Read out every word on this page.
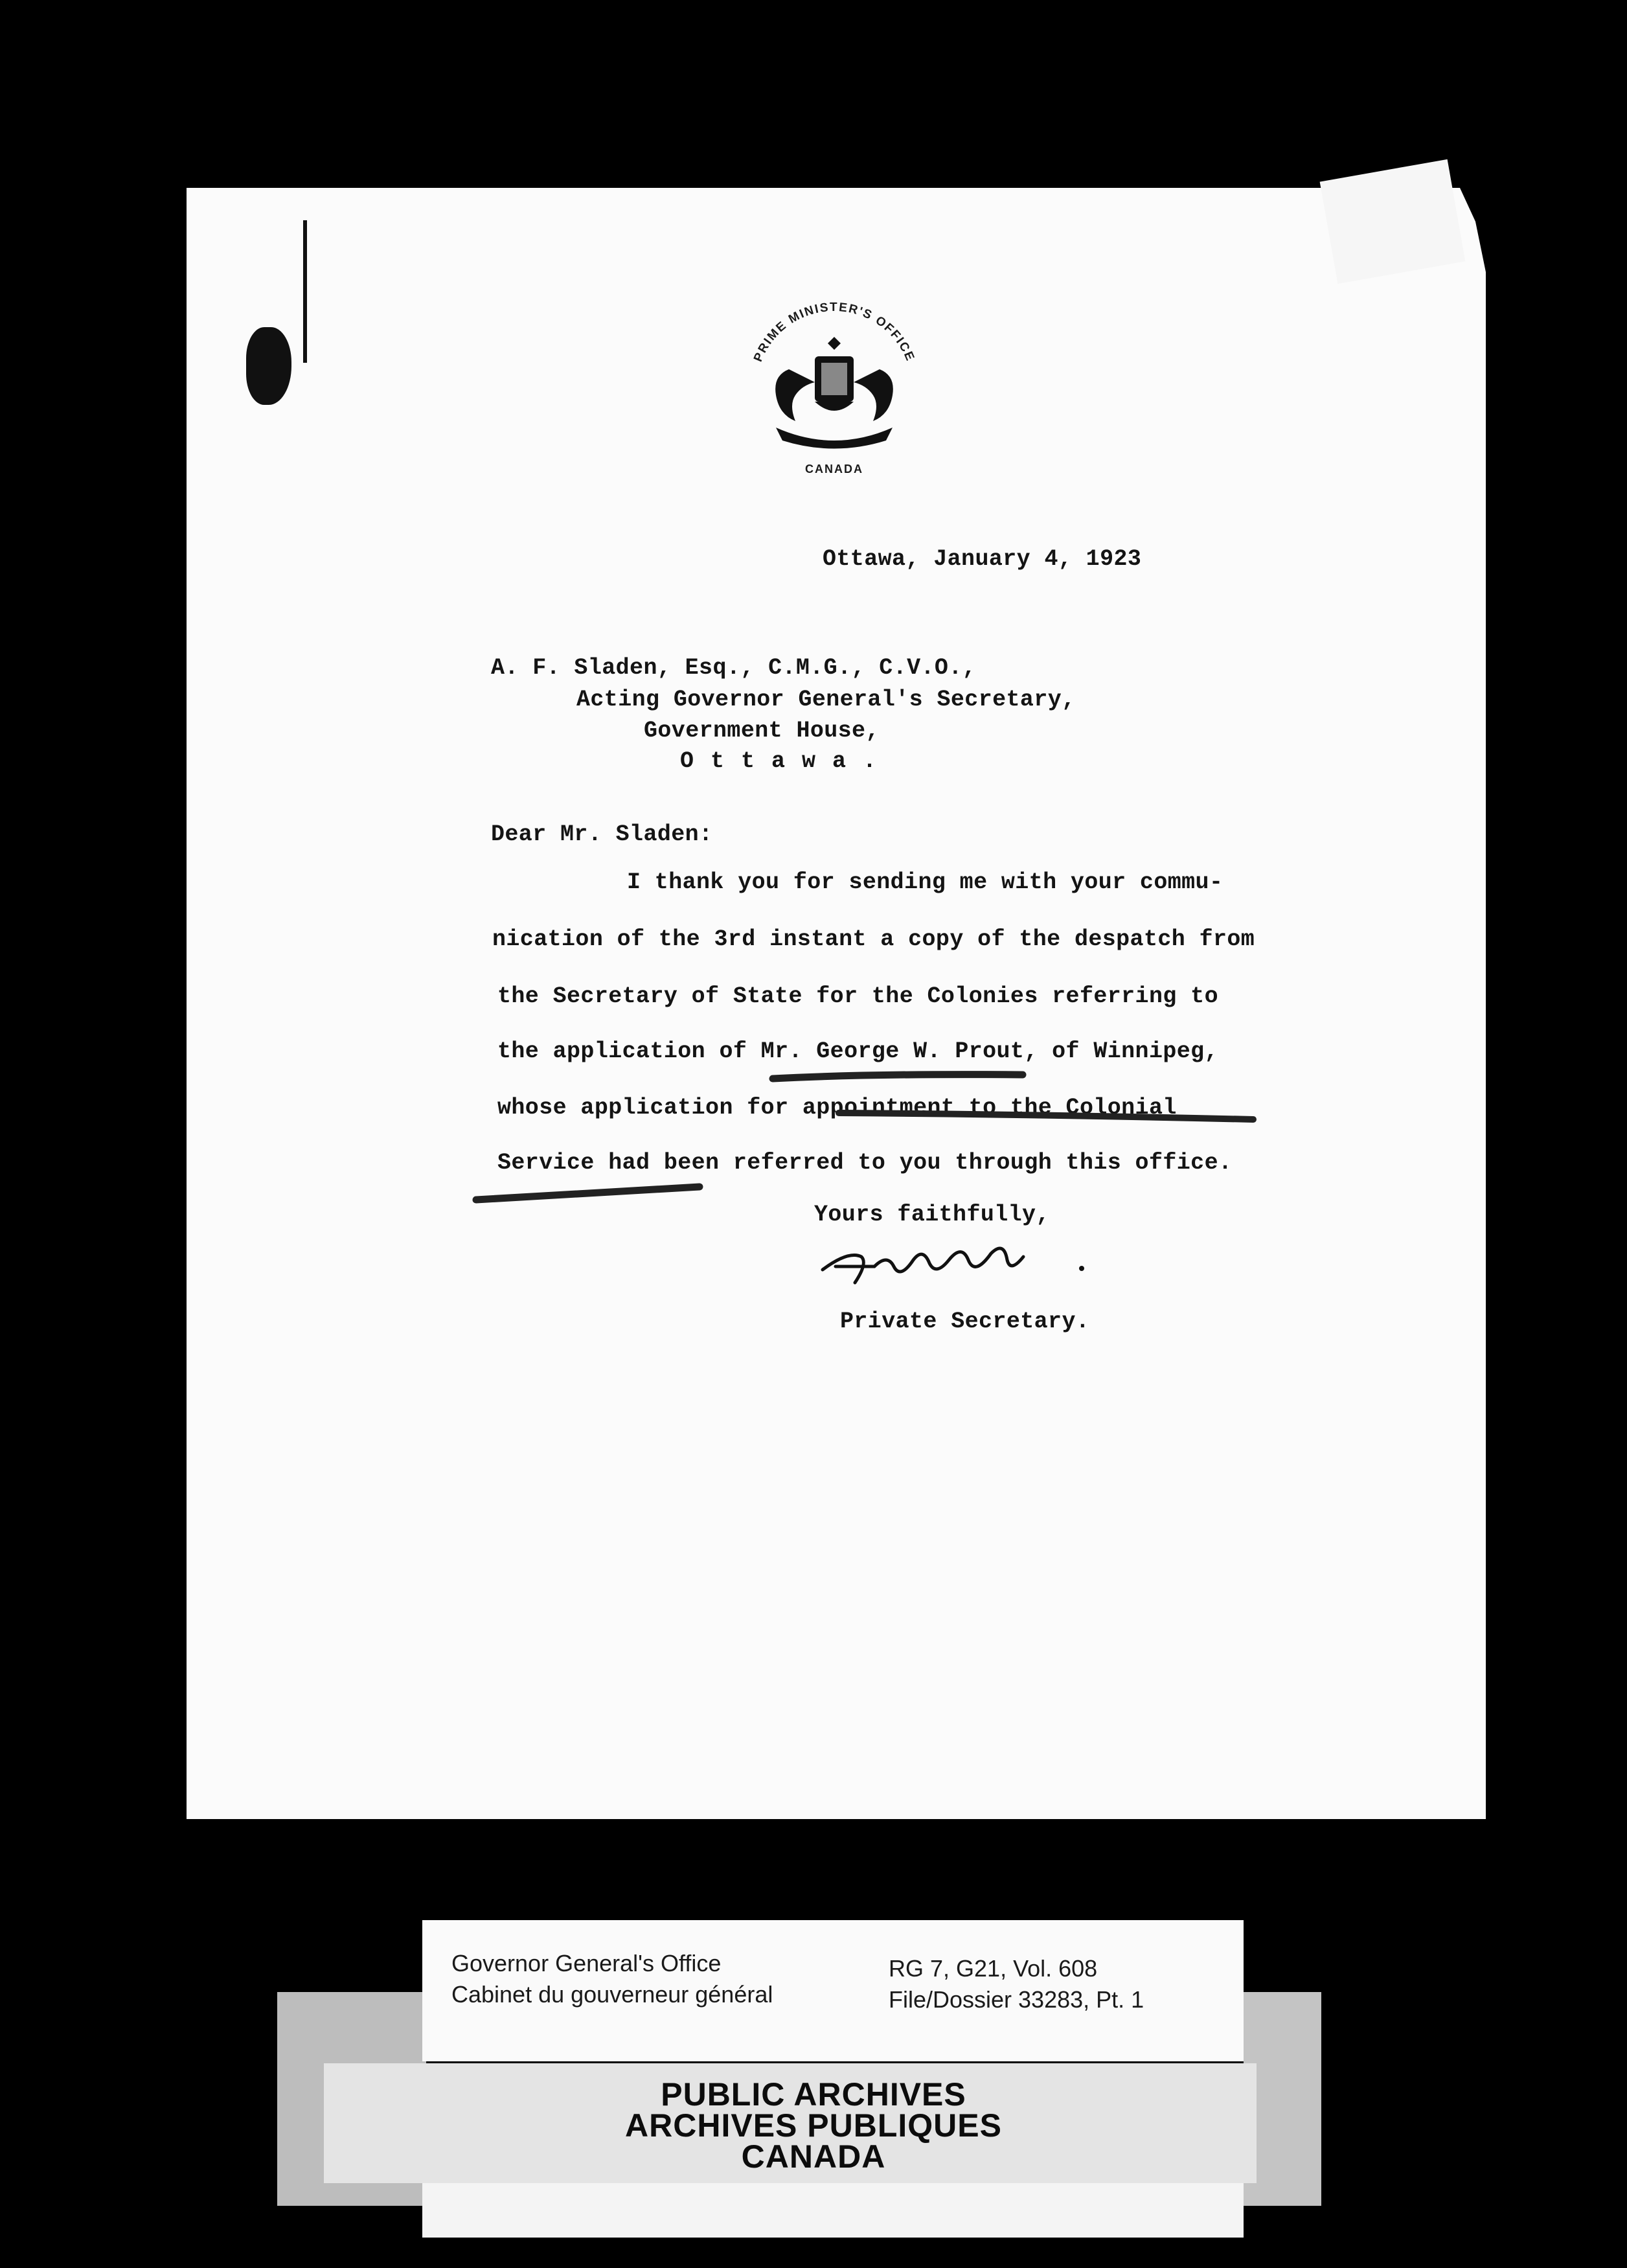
PRIME MINISTER'S OFFICE
CANADA
Ottawa, January 4, 1923
A. F. Sladen, Esq., C.M.G., C.V.O.,
Acting Governor General's Secretary,
Government House,
Ottawa.
Dear Mr. Sladen:
I thank you for sending me with your commu-
nication of the 3rd instant a copy of the despatch from
the Secretary of State for the Colonies referring to
the application of Mr. George W. Prout, of Winnipeg,
whose application for appointment to the Colonial
Service had been referred to you through this office.
Yours faithfully,
Private Secretary.
Governor General's Office
Cabinet du gouverneur général
RG 7, G21, Vol. 608
File/Dossier 33283, Pt. 1
PUBLIC ARCHIVES
ARCHIVES PUBLIQUES
CANADA
